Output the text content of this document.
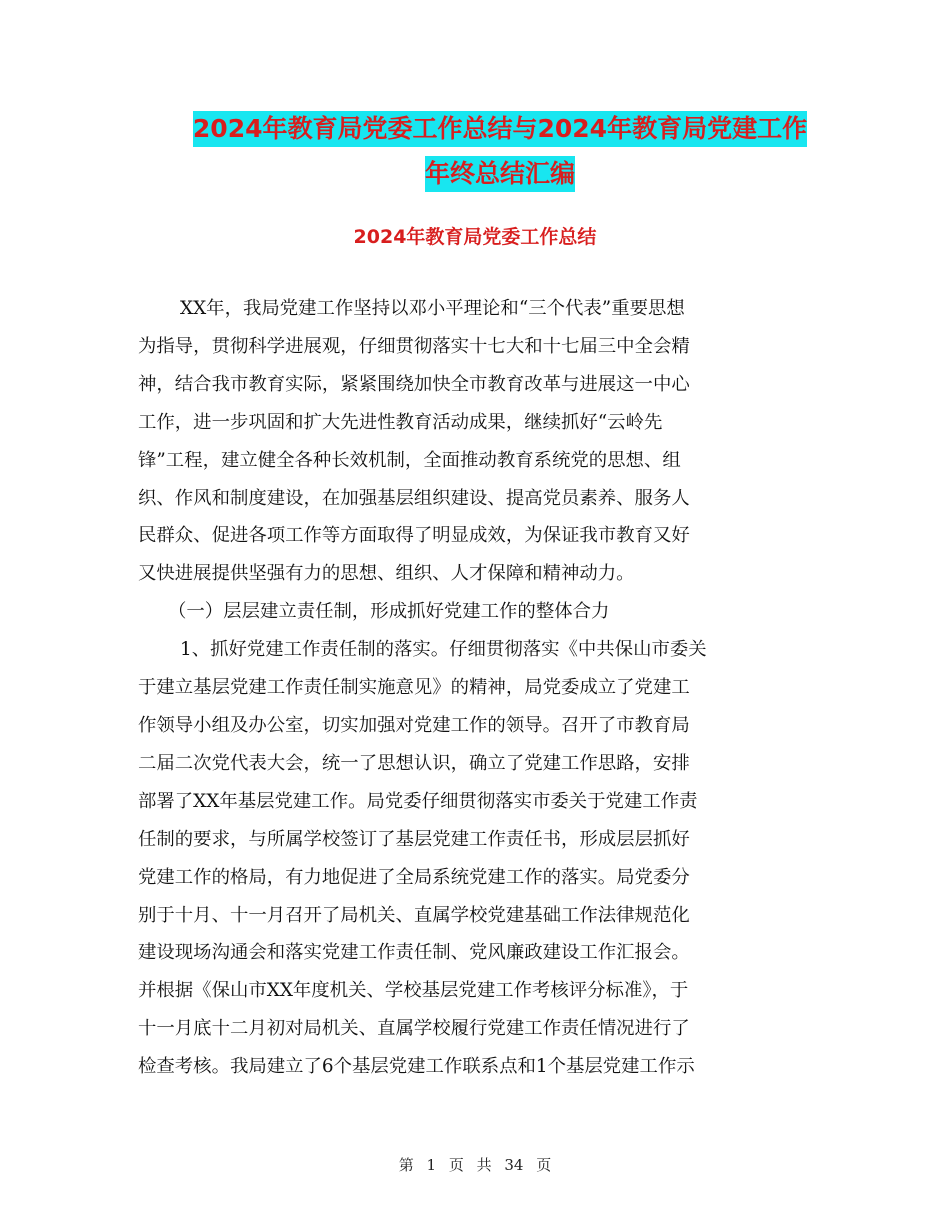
2024年教育局党委工作总结与2024年教育局党建工作
年终总结汇编
2024年教育局党委工作总结
XX年，我局党建工作坚持以邓小平理论和“三个代表”重要思想
为指导，贯彻科学进展观，仔细贯彻落实十七大和十七届三中全会精
神，结合我市教育实际，紧紧围绕加快全市教育改革与进展这一中心
工作，进一步巩固和扩大先进性教育活动成果，继续抓好“云岭先
锋”工程，建立健全各种长效机制，全面推动教育系统党的思想、组
织、作风和制度建设，在加强基层组织建设、提高党员素养、服务人
民群众、促进各项工作等方面取得了明显成效，为保证我市教育又好
又快进展提供坚强有力的思想、组织、人才保障和精神动力。
（一）层层建立责任制，形成抓好党建工作的整体合力
1、抓好党建工作责任制的落实。仔细贯彻落实《中共保山市委关
于建立基层党建工作责任制实施意见》的精神，局党委成立了党建工
作领导小组及办公室，切实加强对党建工作的领导。召开了市教育局
二届二次党代表大会，统一了思想认识，确立了党建工作思路，安排
部署了XX年基层党建工作。局党委仔细贯彻落实市委关于党建工作责
任制的要求，与所属学校签订了基层党建工作责任书，形成层层抓好
党建工作的格局，有力地促进了全局系统党建工作的落实。局党委分
别于十月、十一月召开了局机关、直属学校党建基础工作法律规范化
建设现场沟通会和落实党建工作责任制、党风廉政建设工作汇报会。
并根据《保山市XX年度机关、学校基层党建工作考核评分标准》，于
十一月底十二月初对局机关、直属学校履行党建工作责任情况进行了
检查考核。我局建立了6个基层党建工作联系点和1个基层党建工作示
第 1 页 共 34 页
